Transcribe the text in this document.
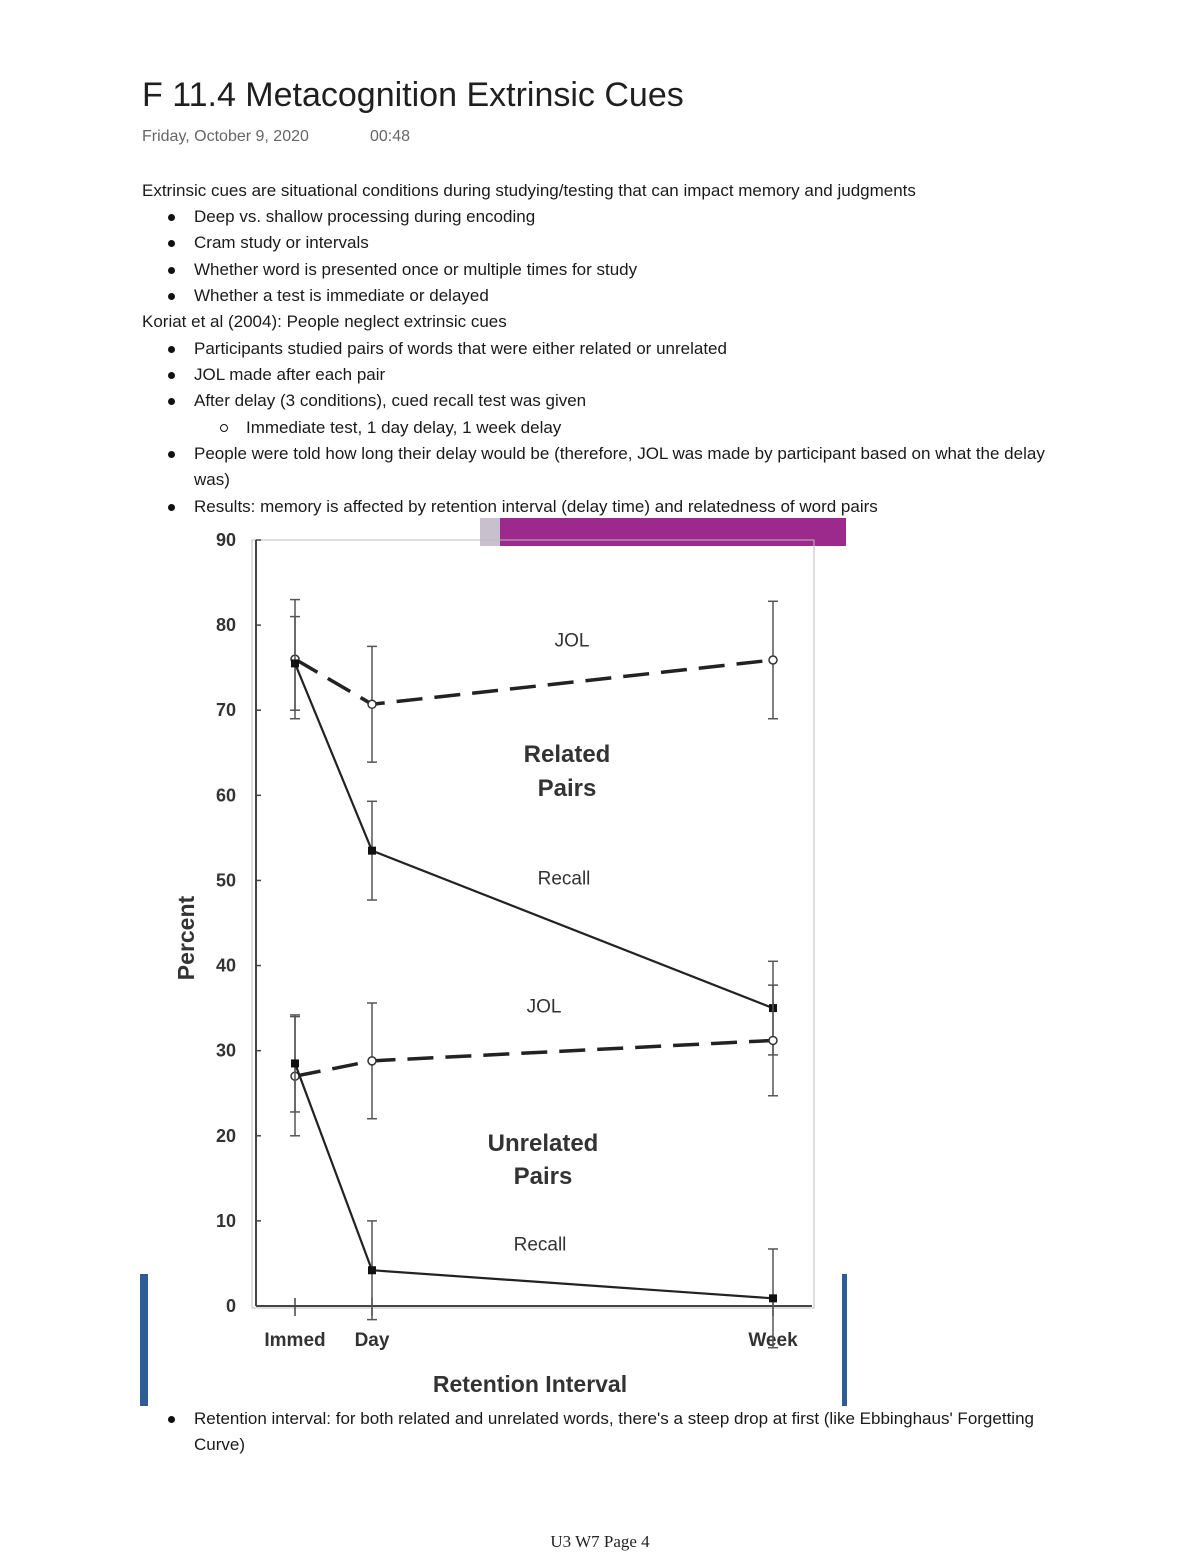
F 11.4 Metacognition Extrinsic Cues
Friday, October 9, 2020	00:48
Extrinsic cues are situational conditions during studying/testing that can impact memory and judgments
Deep vs. shallow processing during encoding
Cram study or intervals
Whether word is presented once or multiple times for study
Whether a test is immediate or delayed
Koriat et al (2004): People neglect extrinsic cues
Participants studied pairs of words that were either related or unrelated
JOL made after each pair
After delay (3 conditions), cued recall test was given
Immediate test, 1 day delay, 1 week delay
People were told how long their delay would be (therefore, JOL was made by participant based on what the delay was)
Results: memory is affected by retention interval (delay time) and relatedness of word pairs
0
10
20
30
40
50
60
70
80
90
Immed Day	Week
Retention Interval
Percent
JOL
Recall
JOL
Recall
Related
Pairs
Unrelated
Pairs
Retention interval: for both related and unrelated words, there's a steep drop at first (like Ebbinghaus' Forgetting Curve)
U3 W7 Page 4
